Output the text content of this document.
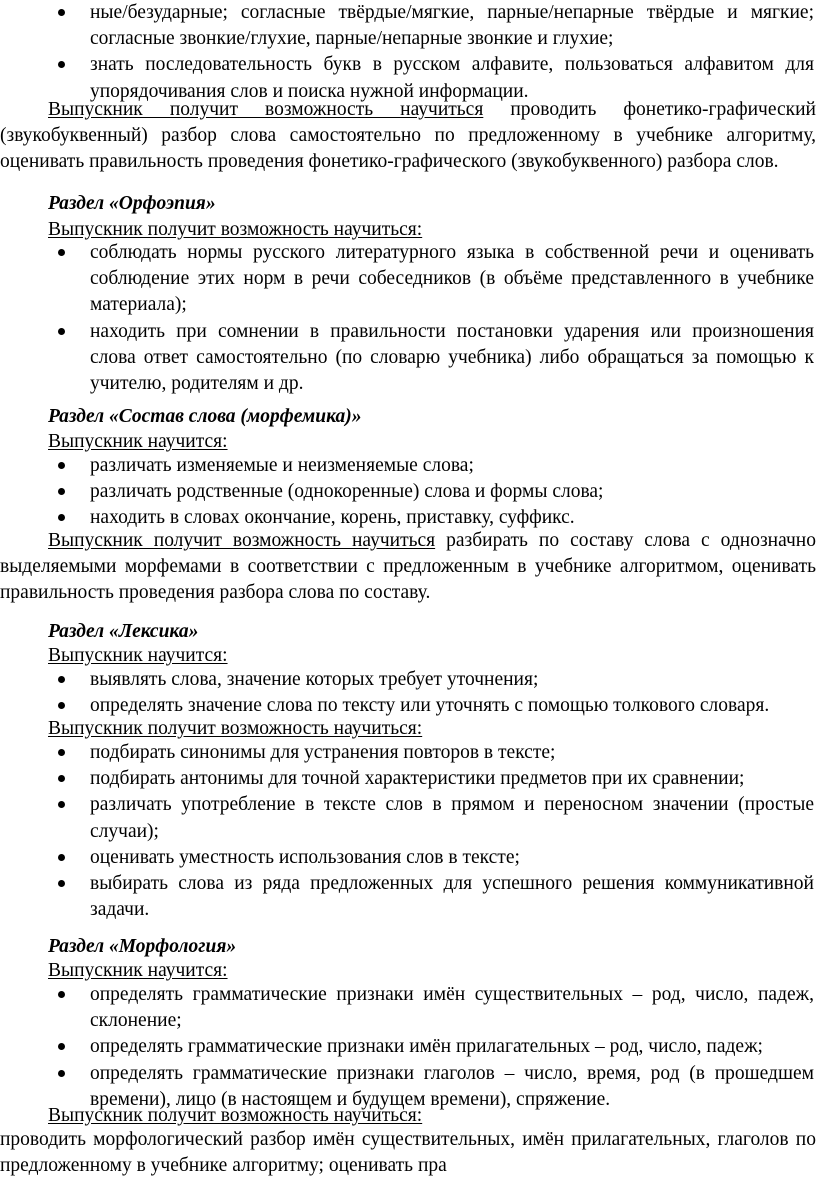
ные/безударные; согласные твёрдые/мягкие, парные/непарные твёрдые и мягкие; согласные звонкие/глухие, парные/непарные звонкие и глухие;
знать последовательность букв в русском алфавите, пользоваться алфавитом для упорядочивания слов и поиска нужной информации.
Выпускник получит возможность научиться проводить фонетико-графический (звукобуквенный) разбор слова самостоятельно по предложенному в учебнике алгоритму, оценивать правильность проведения фонетико-графического (звукобуквенного) разбора слов.
Раздел «Орфоэпия»
Выпускник получит возможность научиться:
соблюдать нормы русского литературного языка в собственной речи и оценивать соблюдение этих норм в речи собеседников (в объёме представленного в учебнике материала);
находить при сомнении в правильности постановки ударения или произношения слова ответ самостоятельно (по словарю учебника) либо обращаться за помощью к учителю, родителям и др.
Раздел «Состав слова (морфемика)»
Выпускник научится:
различать изменяемые и неизменяемые слова;
различать родственные (однокоренные) слова и формы слова;
находить в словах окончание, корень, приставку, суффикс.
Выпускник получит возможность научиться разбирать по составу слова с однозначно выделяемыми морфемами в соответствии с предложенным в учебнике алгоритмом, оценивать правильность проведения разбора слова по составу.
Раздел «Лексика»
Выпускник научится:
выявлять слова, значение которых требует уточнения;
определять значение слова по тексту или уточнять с помощью толкового словаря.
Выпускник получит возможность научиться:
подбирать синонимы для устранения повторов в тексте;
подбирать антонимы для точной характеристики предметов при их сравнении;
различать употребление в тексте слов в прямом и переносном значении (простые случаи);
оценивать уместность использования слов в тексте;
выбирать слова из ряда предложенных для успешного решения коммуникативной задачи.
Раздел «Морфология»
Выпускник научится:
определять грамматические признаки имён существительных – род, число, падеж, склонение;
определять грамматические признаки имён прилагательных – род, число, падеж;
определять грамматические признаки глаголов – число, время, род (в прошедшем времени), лицо (в настоящем и будущем времени), спряжение.
Выпускник получит возможность научиться:
проводить морфологический разбор имён существительных, имён прилагательных, глаголов по предложенному в учебнике алгоритму; оценивать пра
